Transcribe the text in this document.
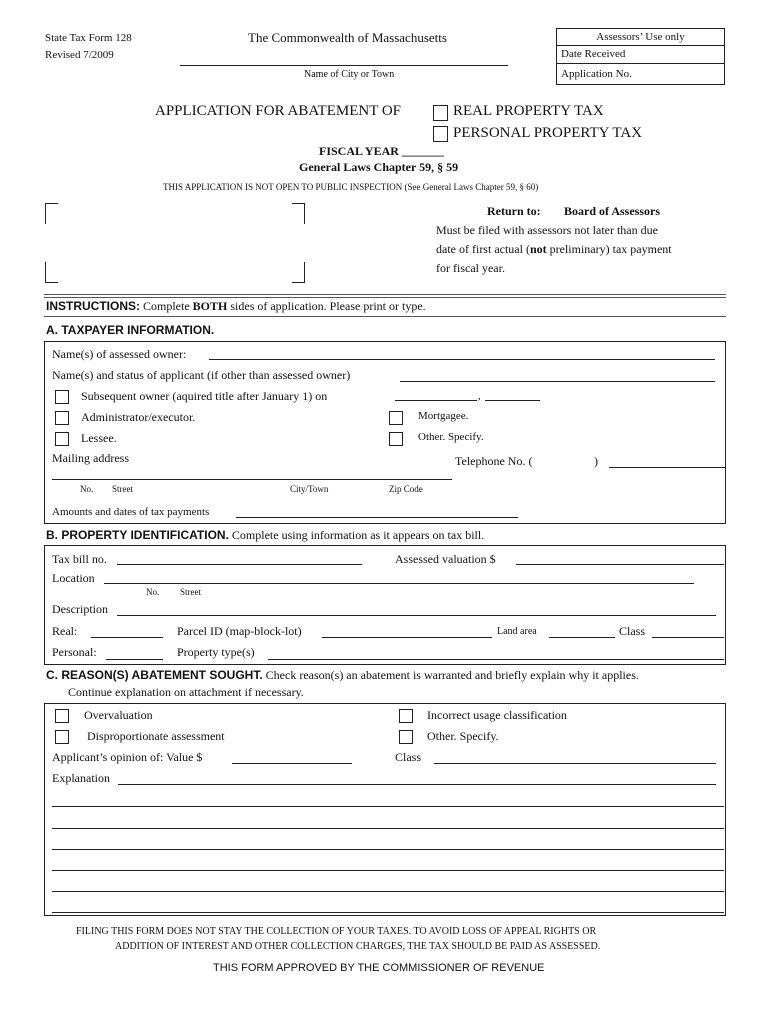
State Tax Form 128
Revised 7/2009
The Commonwealth of Massachusetts
Name of City or Town
Assessors’ Use only
Date Received
Application No.
APPLICATION FOR ABATEMENT OF	REAL PROPERTY TAX
PERSONAL PROPERTY TAX
FISCAL YEAR _______
General Laws Chapter 59, § 59
THIS APPLICATION IS NOT OPEN TO PUBLIC INSPECTION (See General Laws Chapter 59, § 60)
Return to: Board of Assessors
Must be filed with assessors not later than due
date of first actual (not preliminary) tax payment
for fiscal year.
INSTRUCTIONS: Complete BOTH sides of application. Please print or type.
A. TAXPAYER INFORMATION.
Name(s) of assessed owner:
Name(s) and status of applicant (if other than assessed owner)
Subsequent owner (aquired title after January 1) on	,
Administrator/executor.	Mortgagee.
Lessee.	Other. Specify.
Mailing address	Telephone No. (	)
No. Street	City/Town	Zip Code
Amounts and dates of tax payments
B. PROPERTY IDENTIFICATION. Complete using information as it appears on tax bill.
Tax bill no.	Assessed valuation $
Location
No. Street
Description
Real:	Parcel ID (map-block-lot)	Land area	Class
Personal:	Property type(s)
C. REASON(S) ABATEMENT SOUGHT. Check reason(s) an abatement is warranted and briefly explain why it applies.
Continue explanation on attachment if necessary.
Overvaluation	Incorrect usage classification
Disproportionate assessment	Other. Specify.
Applicant’s opinion of: Value $	Class
Explanation
FILING THIS FORM DOES NOT STAY THE COLLECTION OF YOUR TAXES. TO AVOID LOSS OF APPEAL RIGHTS OR
ADDITION OF INTEREST AND OTHER COLLECTION CHARGES, THE TAX SHOULD BE PAID AS ASSESSED.
THIS FORM APPROVED BY THE COMMISSIONER OF REVENUE
